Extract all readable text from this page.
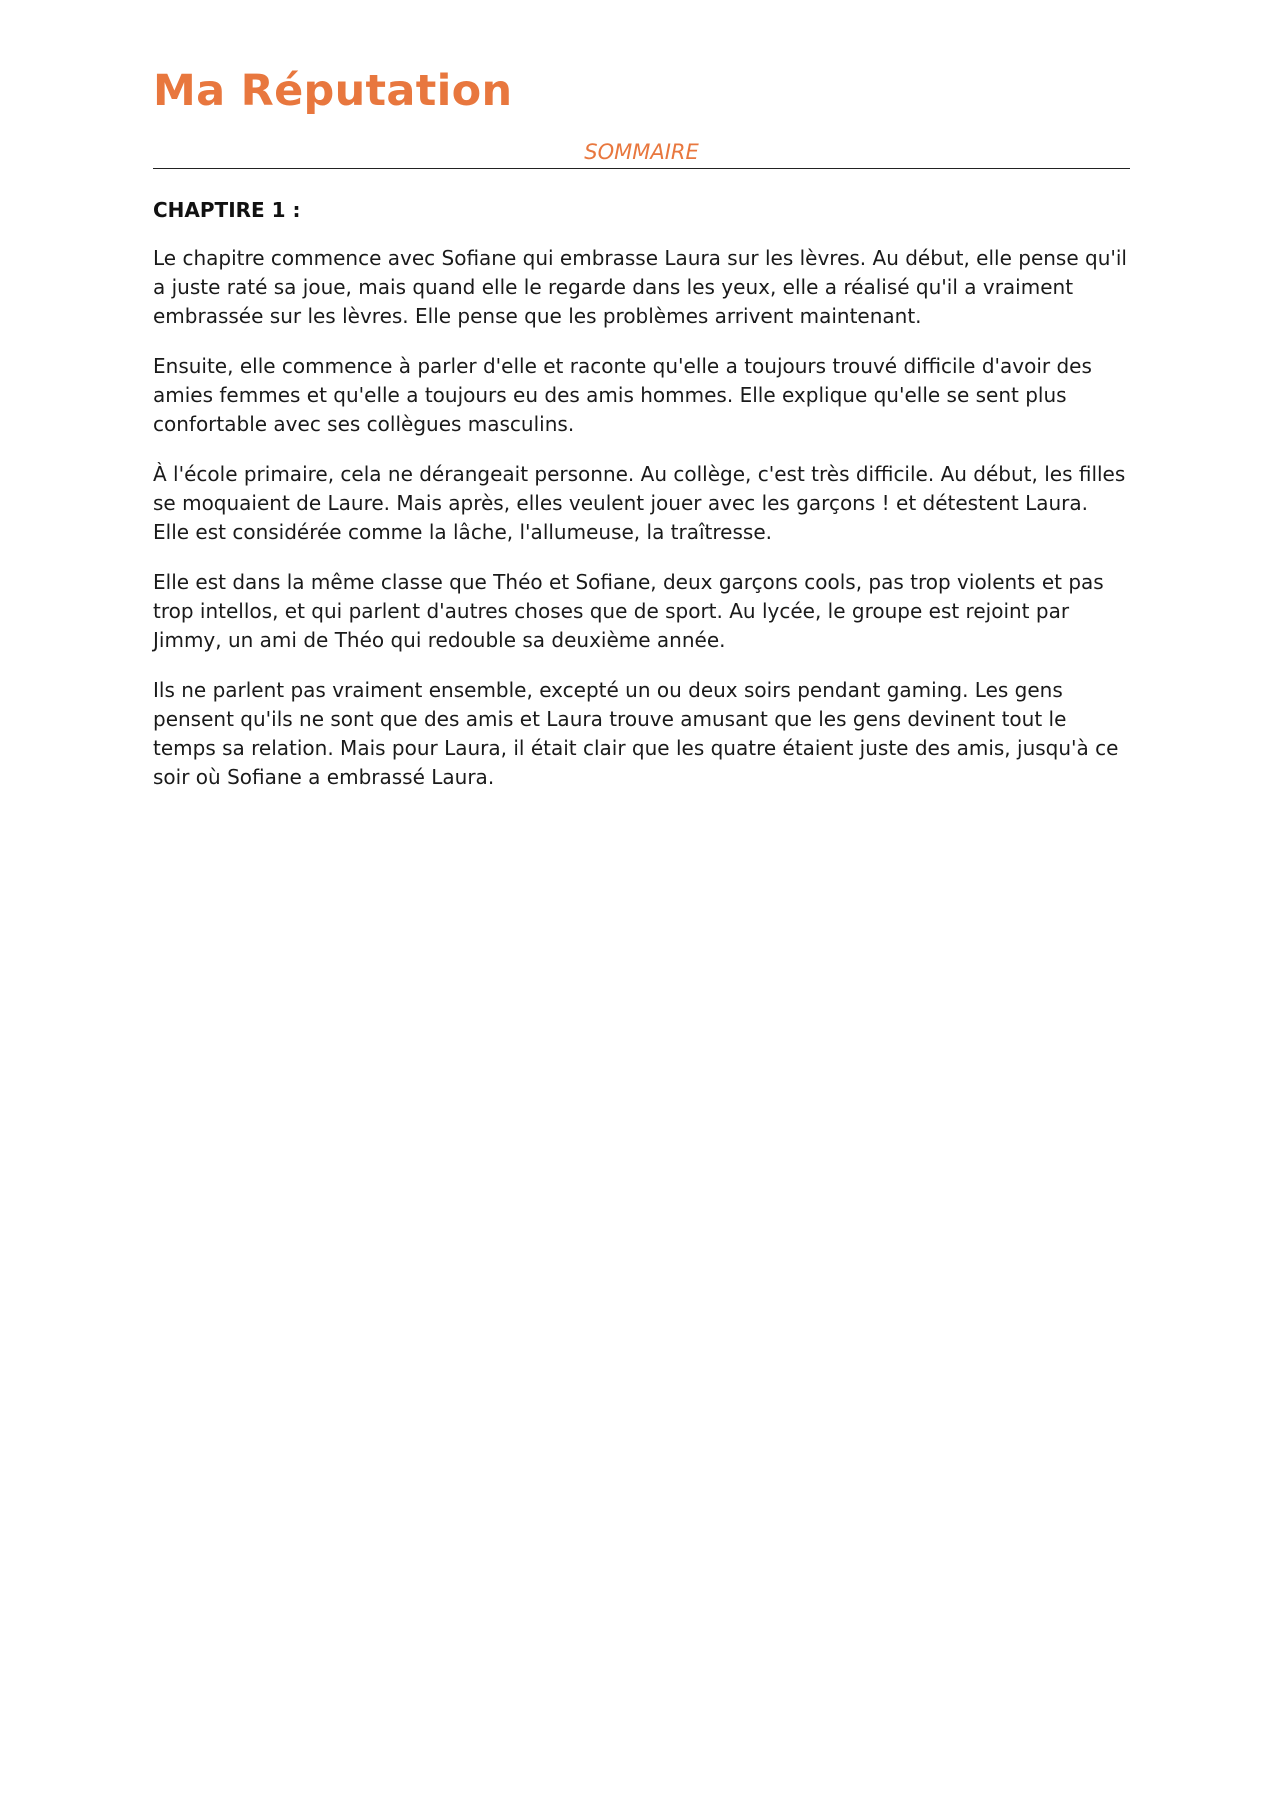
Ma Réputation
SOMMAIRE
CHAPTIRE 1 :

Le chapitre commence avec Sofiane qui embrasse Laura sur les lèvres. Au début, elle pense qu'il a juste raté sa joue, mais quand elle le regarde dans les yeux, elle a réalisé qu'il a vraiment embrassée sur les lèvres. Elle pense que les problèmes arrivent maintenant.

Ensuite, elle commence à parler d'elle et raconte qu'elle a toujours trouvé difficile d'avoir des amies femmes et qu'elle a toujours eu des amis hommes. Elle explique qu'elle se sent plus confortable avec ses collègues masculins.

À l'école primaire, cela ne dérangeait personne. Au collège, c'est très difficile. Au début, les filles se moquaient de Laure. Mais après, elles veulent jouer avec les garçons ! et détestent Laura. Elle est considérée comme la lâche, l'allumeuse, la traîtresse.

Elle est dans la même classe que Théo et Sofiane, deux garçons cools, pas trop violents et pas trop intellos, et qui parlent d'autres choses que de sport. Au lycée, le groupe est rejoint par Jimmy, un ami de Théo qui redouble sa deuxième année.

Ils ne parlent pas vraiment ensemble, excepté un ou deux soirs pendant gaming. Les gens pensent qu'ils ne sont que des amis et Laura trouve amusant que les gens devinent tout le temps sa relation. Mais pour Laura, il était clair que les quatre étaient juste des amis, jusqu'à ce soir où Sofiane a embrassé Laura.
